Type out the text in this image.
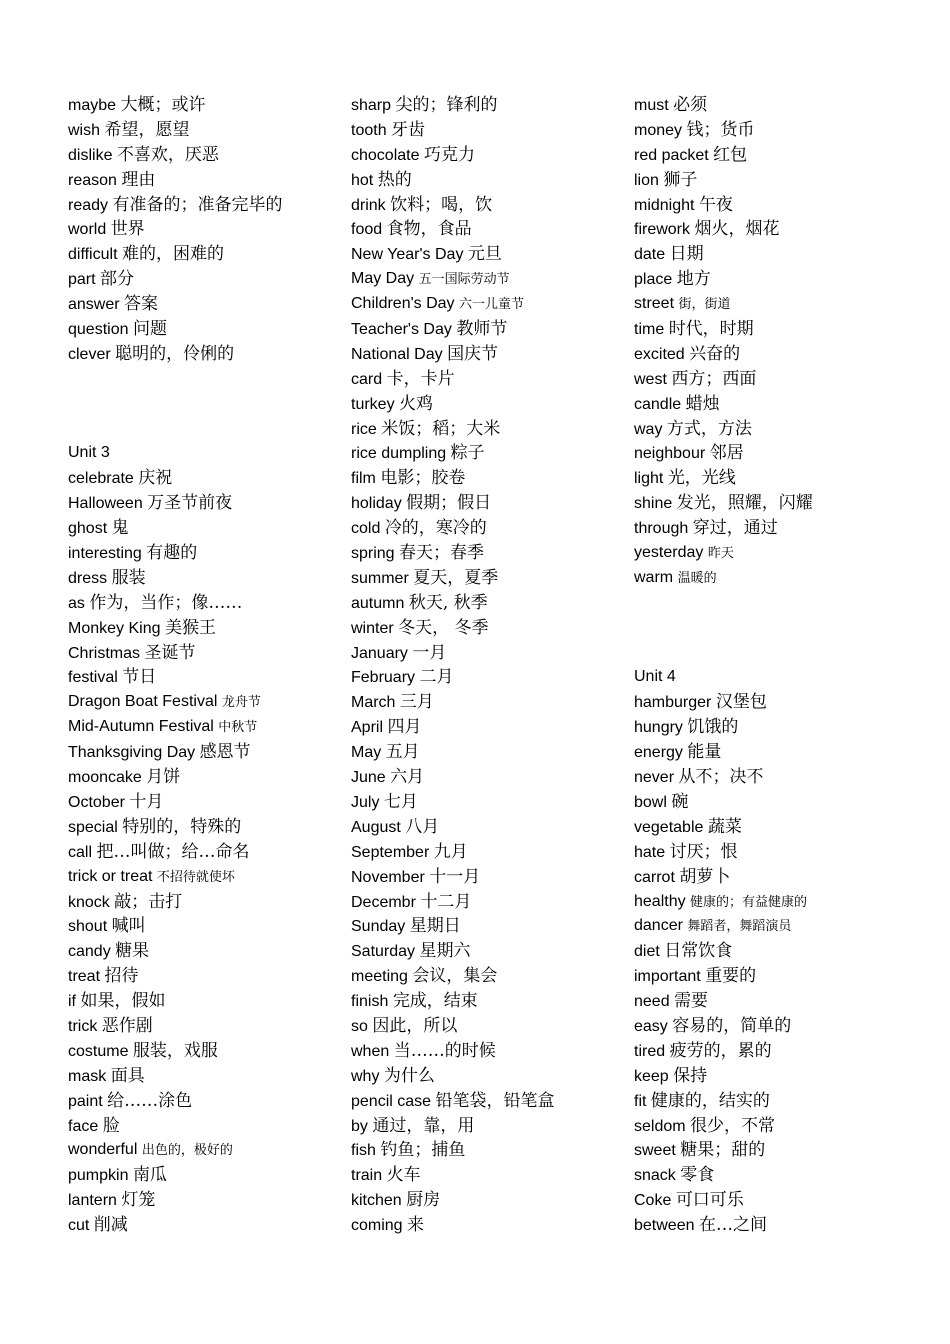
maybe 大概；或许
wish 希望，愿望
dislike 不喜欢，厌恶
reason 理由
ready 有准备的；准备完毕的
world 世界
difficult 难的，困难的
part 部分
answer 答案
question 问题
clever 聪明的，伶俐的
Unit 3
celebrate 庆祝
Halloween 万圣节前夜
ghost 鬼
interesting 有趣的
dress 服装
as 作为，当作；像……
Monkey King 美猴王
Christmas 圣诞节
festival 节日
Dragon Boat Festival 龙舟节
Mid-Autumn Festival 中秋节
Thanksgiving Day 感恩节
mooncake 月饼
October 十月
special 特别的，特殊的
call 把…叫做；给…命名
trick or treat 不招待就使坏
knock 敲；击打
shout 喊叫
candy 糖果
treat 招待
if 如果，假如
trick 恶作剧
costume 服装，戏服
mask 面具
paint 给……涂色
face 脸
wonderful 出色的，极好的
pumpkin 南瓜
lantern 灯笼
cut 削减
sharp 尖的；锋利的
tooth 牙齿
chocolate 巧克力
hot 热的
drink 饮料；喝，饮
food 食物，食品
New Year's Day 元旦
May Day 五一国际劳动节
Children's Day 六一儿童节
Teacher's Day 教师节
National Day 国庆节
card 卡，卡片
turkey 火鸡
rice 米饭；稻；大米
rice dumpling 粽子
film 电影；胶卷
holiday 假期；假日
cold 冷的，寒冷的
spring 春天；春季
summer 夏天，夏季
autumn 秋天, 秋季
winter 冬天， 冬季
January 一月
February 二月
March 三月
April 四月
May 五月
June 六月
July 七月
August 八月
September 九月
November 十一月
Decembr 十二月
Sunday 星期日
Saturday 星期六
meeting 会议，集会
finish 完成，结束
so 因此，所以
when 当……的时候
why 为什么
pencil case 铅笔袋，铅笔盒
by 通过，靠，用
fish 钓鱼；捕鱼
train 火车
kitchen 厨房
coming 来
must 必须
money 钱；货币
red packet 红包
lion 狮子
midnight 午夜
firework 烟火，烟花
date 日期
place 地方
street 街，街道
time 时代，时期
excited 兴奋的
west 西方；西面
candle 蜡烛
way 方式，方法
neighbour 邻居
light 光，光线
shine 发光，照耀，闪耀
through 穿过，通过
yesterday 昨天
warm 温暖的
Unit 4
hamburger 汉堡包
hungry 饥饿的
energy 能量
never 从不；决不
bowl 碗
vegetable 蔬菜
hate 讨厌；恨
carrot 胡萝卜
healthy 健康的；有益健康的
dancer 舞蹈者，舞蹈演员
diet 日常饮食
important 重要的
need 需要
easy 容易的，简单的
tired 疲劳的，累的
keep 保持
fit 健康的，结实的
seldom 很少，不常
sweet 糖果；甜的
snack 零食
Coke 可口可乐
between 在…之间
